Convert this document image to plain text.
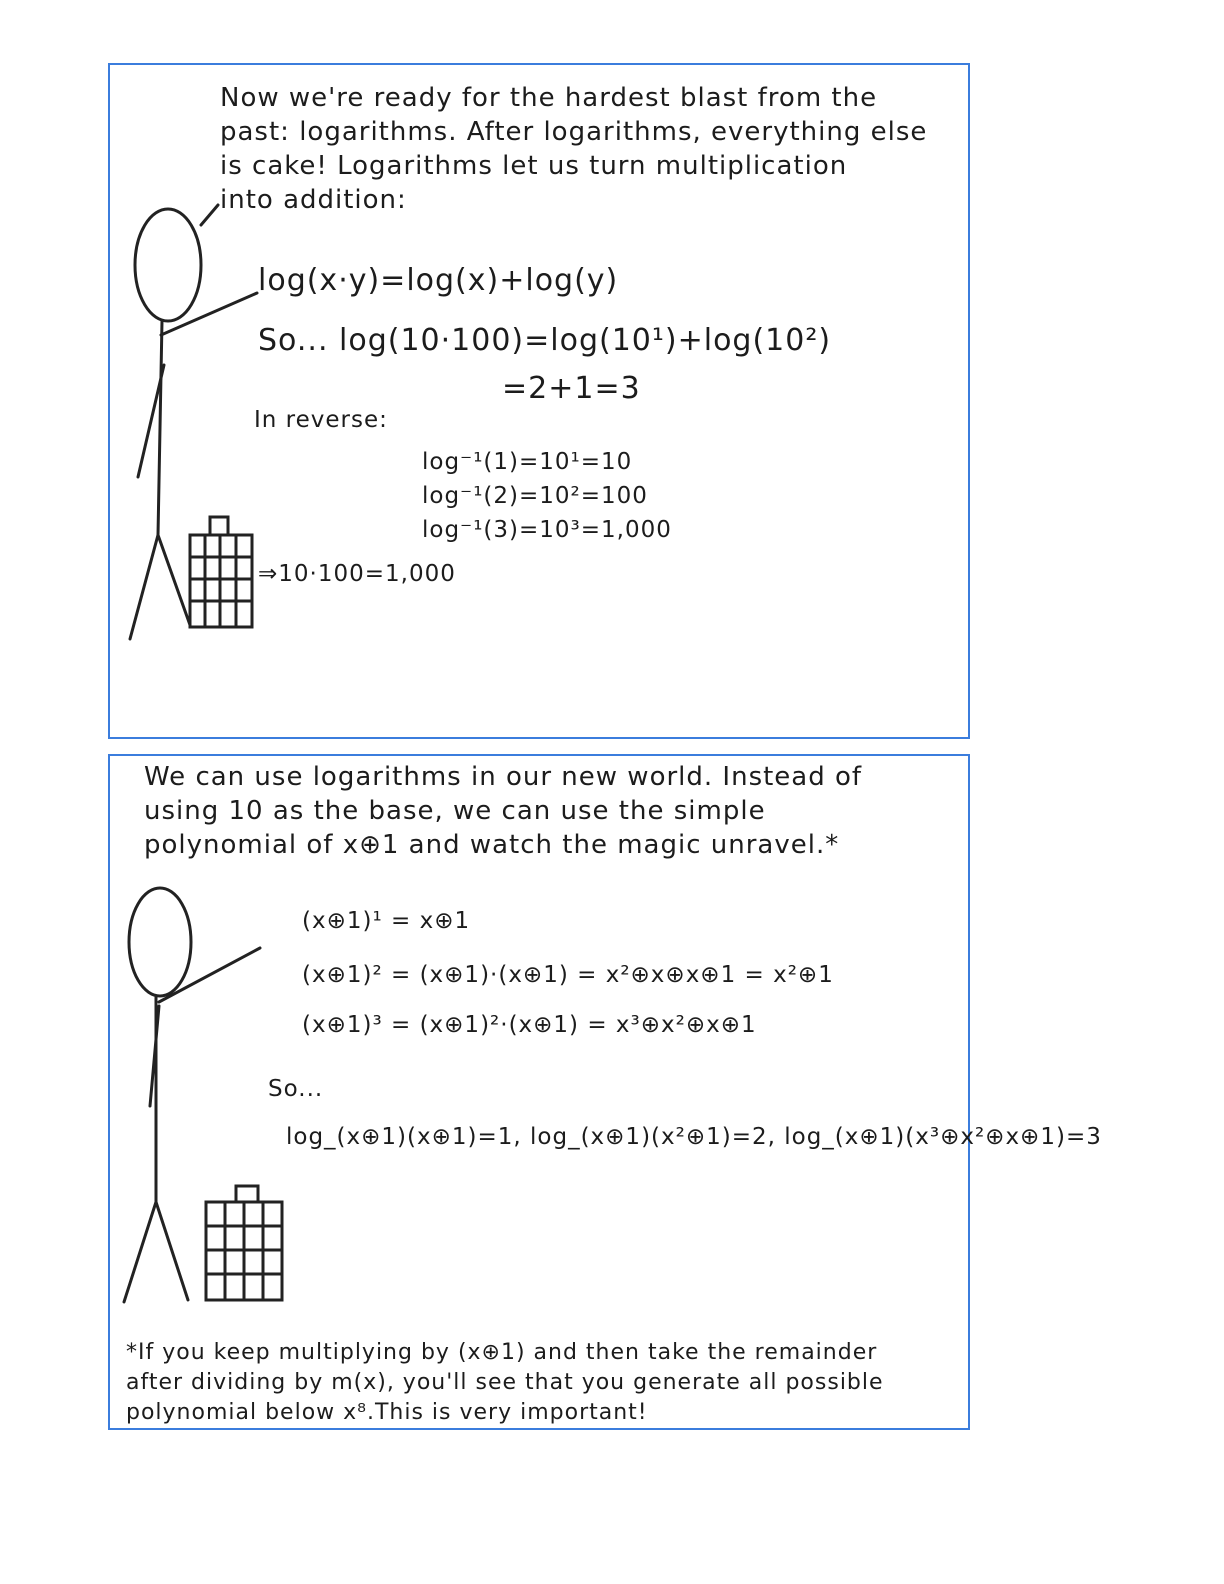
Now we're ready for the hardest blast from the
past: logarithms. After logarithms, everything else
is cake! Logarithms let us turn multiplication
into addition:

log(x·y)=log(x)+log(y)

So... log(10·100)=log(10¹)+log(10²)

=2+1=3

In reverse:

log⁻¹(1)=10¹=10

log⁻¹(2)=10²=100

log⁻¹(3)=10³=1,000

⇒10·100=1,000

We can use logarithms in our new world. Instead of
using 10 as the base, we can use the simple
polynomial of x⊕1 and watch the magic unravel.*

(x⊕1)¹ = x⊕1

(x⊕1)² = (x⊕1)·(x⊕1) = x²⊕x⊕x⊕1 = x²⊕1

(x⊕1)³ = (x⊕1)²·(x⊕1) = x³⊕x²⊕x⊕1

So...

log_(x⊕1)(x⊕1)=1, log_(x⊕1)(x²⊕1)=2, log_(x⊕1)(x³⊕x²⊕x⊕1)=3

*If you keep multiplying by (x⊕1) and then take the remainder
after dividing by m(x), you'll see that you generate all possible
polynomial below x⁸.This is very important!
